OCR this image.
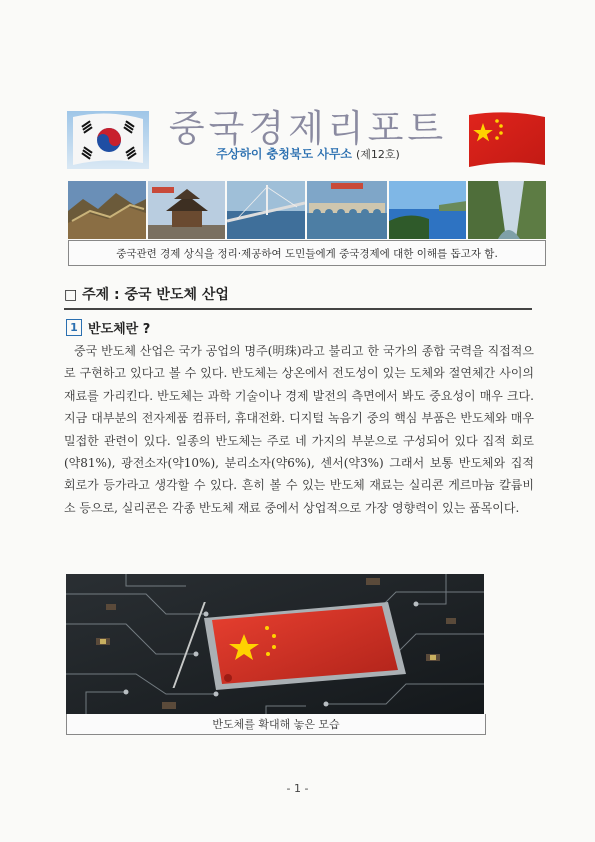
중국경제리포트
주상하이 충청북도 사무소 (제12호)
중국관련 경제 상식을 정리·제공하여 도민들에게 중국경제에 대한 이해를 돕고자 함.
□ 주제 : 중국 반도체 산업
1 반도체란 ?

중국 반도체 산업은 국가 공업의 명주(明珠)라고 불리고 한 국가의 종합 국력을 직접적으로 구현하고 있다고 볼 수 있다. 반도체는 상온에서 전도성이 있는 도체와 절연체간 사이의 재료를 가리킨다. 반도체는 과학 기술이나 경제 발전의 측면에서 봐도 중요성이 매우 크다. 지금 대부분의 전자제품 컴퓨터, 휴대전화. 디지털 녹음기 중의 핵심 부품은 반도체와 매우 밀접한 관련이 있다. 일종의 반도체는 주로 네 가지의 부분으로 구성되어 있다 집적 회로(약81%), 광전소자(약10%), 분리소자(약6%), 센서(약3%) 그래서 보통 반도체와 집적 회로가 등가라고 생각할 수 있다. 흔히 볼 수 있는 반도체 재료는 실리콘 게르마늄 칼륨비소 등으로, 실리콘은 각종 반도체 재료 중에서 상업적으로 가장 영향력이 있는 품목이다.

반도체를 확대해 놓은 모습
- 1 -
